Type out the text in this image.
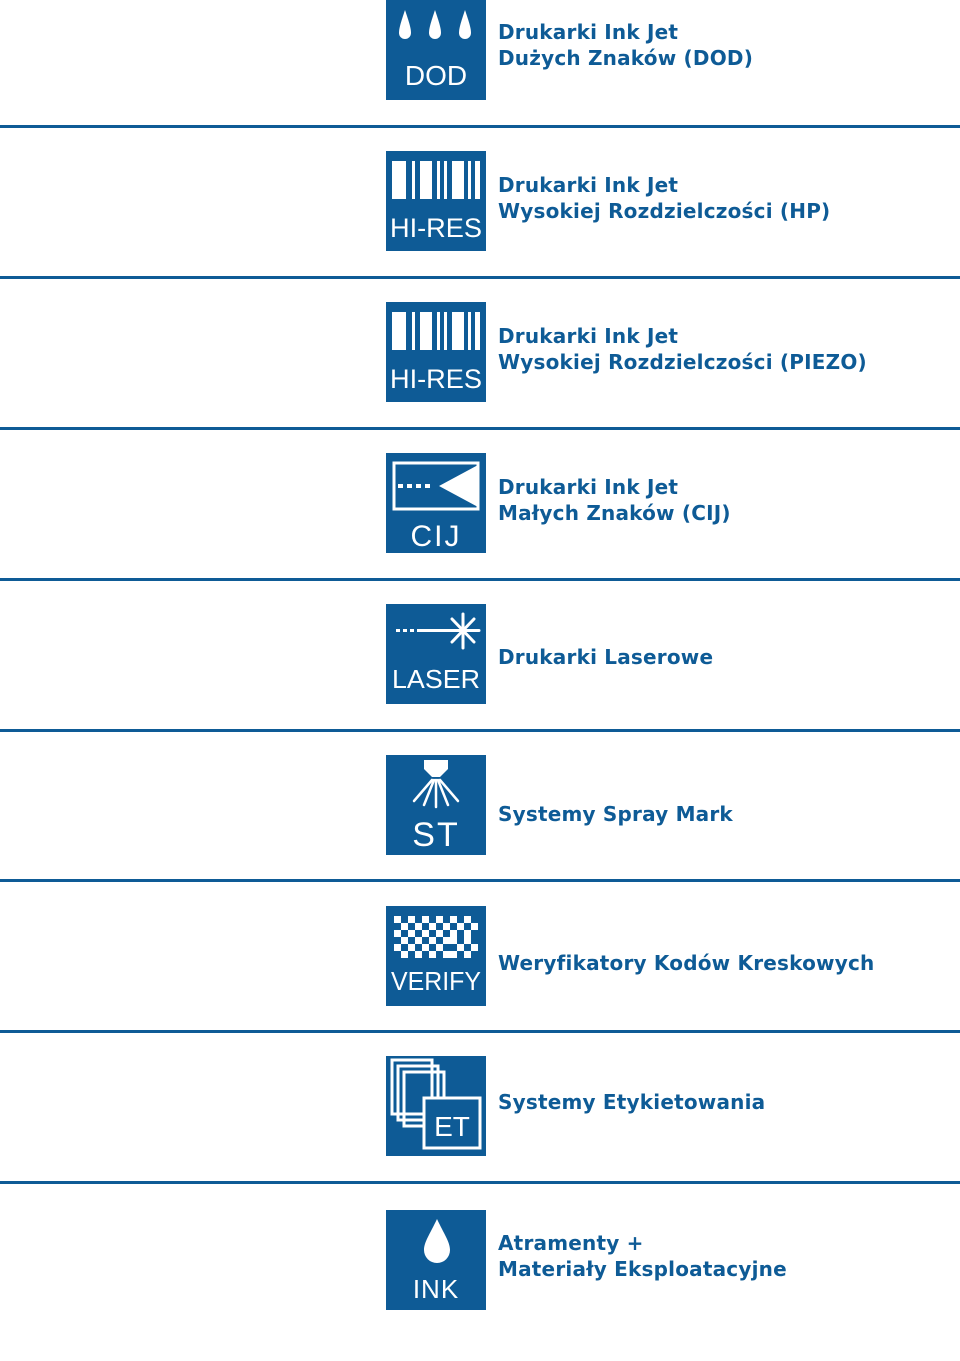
DOD
Drukarki Ink Jet
Dużych Znaków (DOD)
HI-RES
Drukarki Ink Jet
Wysokiej Rozdzielczości (HP)
HI-RES
Drukarki Ink Jet
Wysokiej Rozdzielczości (PIEZO)
CIJ
Drukarki Ink Jet
Małych Znaków (CIJ)
LASER
Drukarki Laserowe
ST
Systemy Spray Mark
VERIFY
Weryfikatory Kodów Kreskowych
ET
Systemy Etykietowania
INK
Atramenty +
Materiały Eksploatacyjne
